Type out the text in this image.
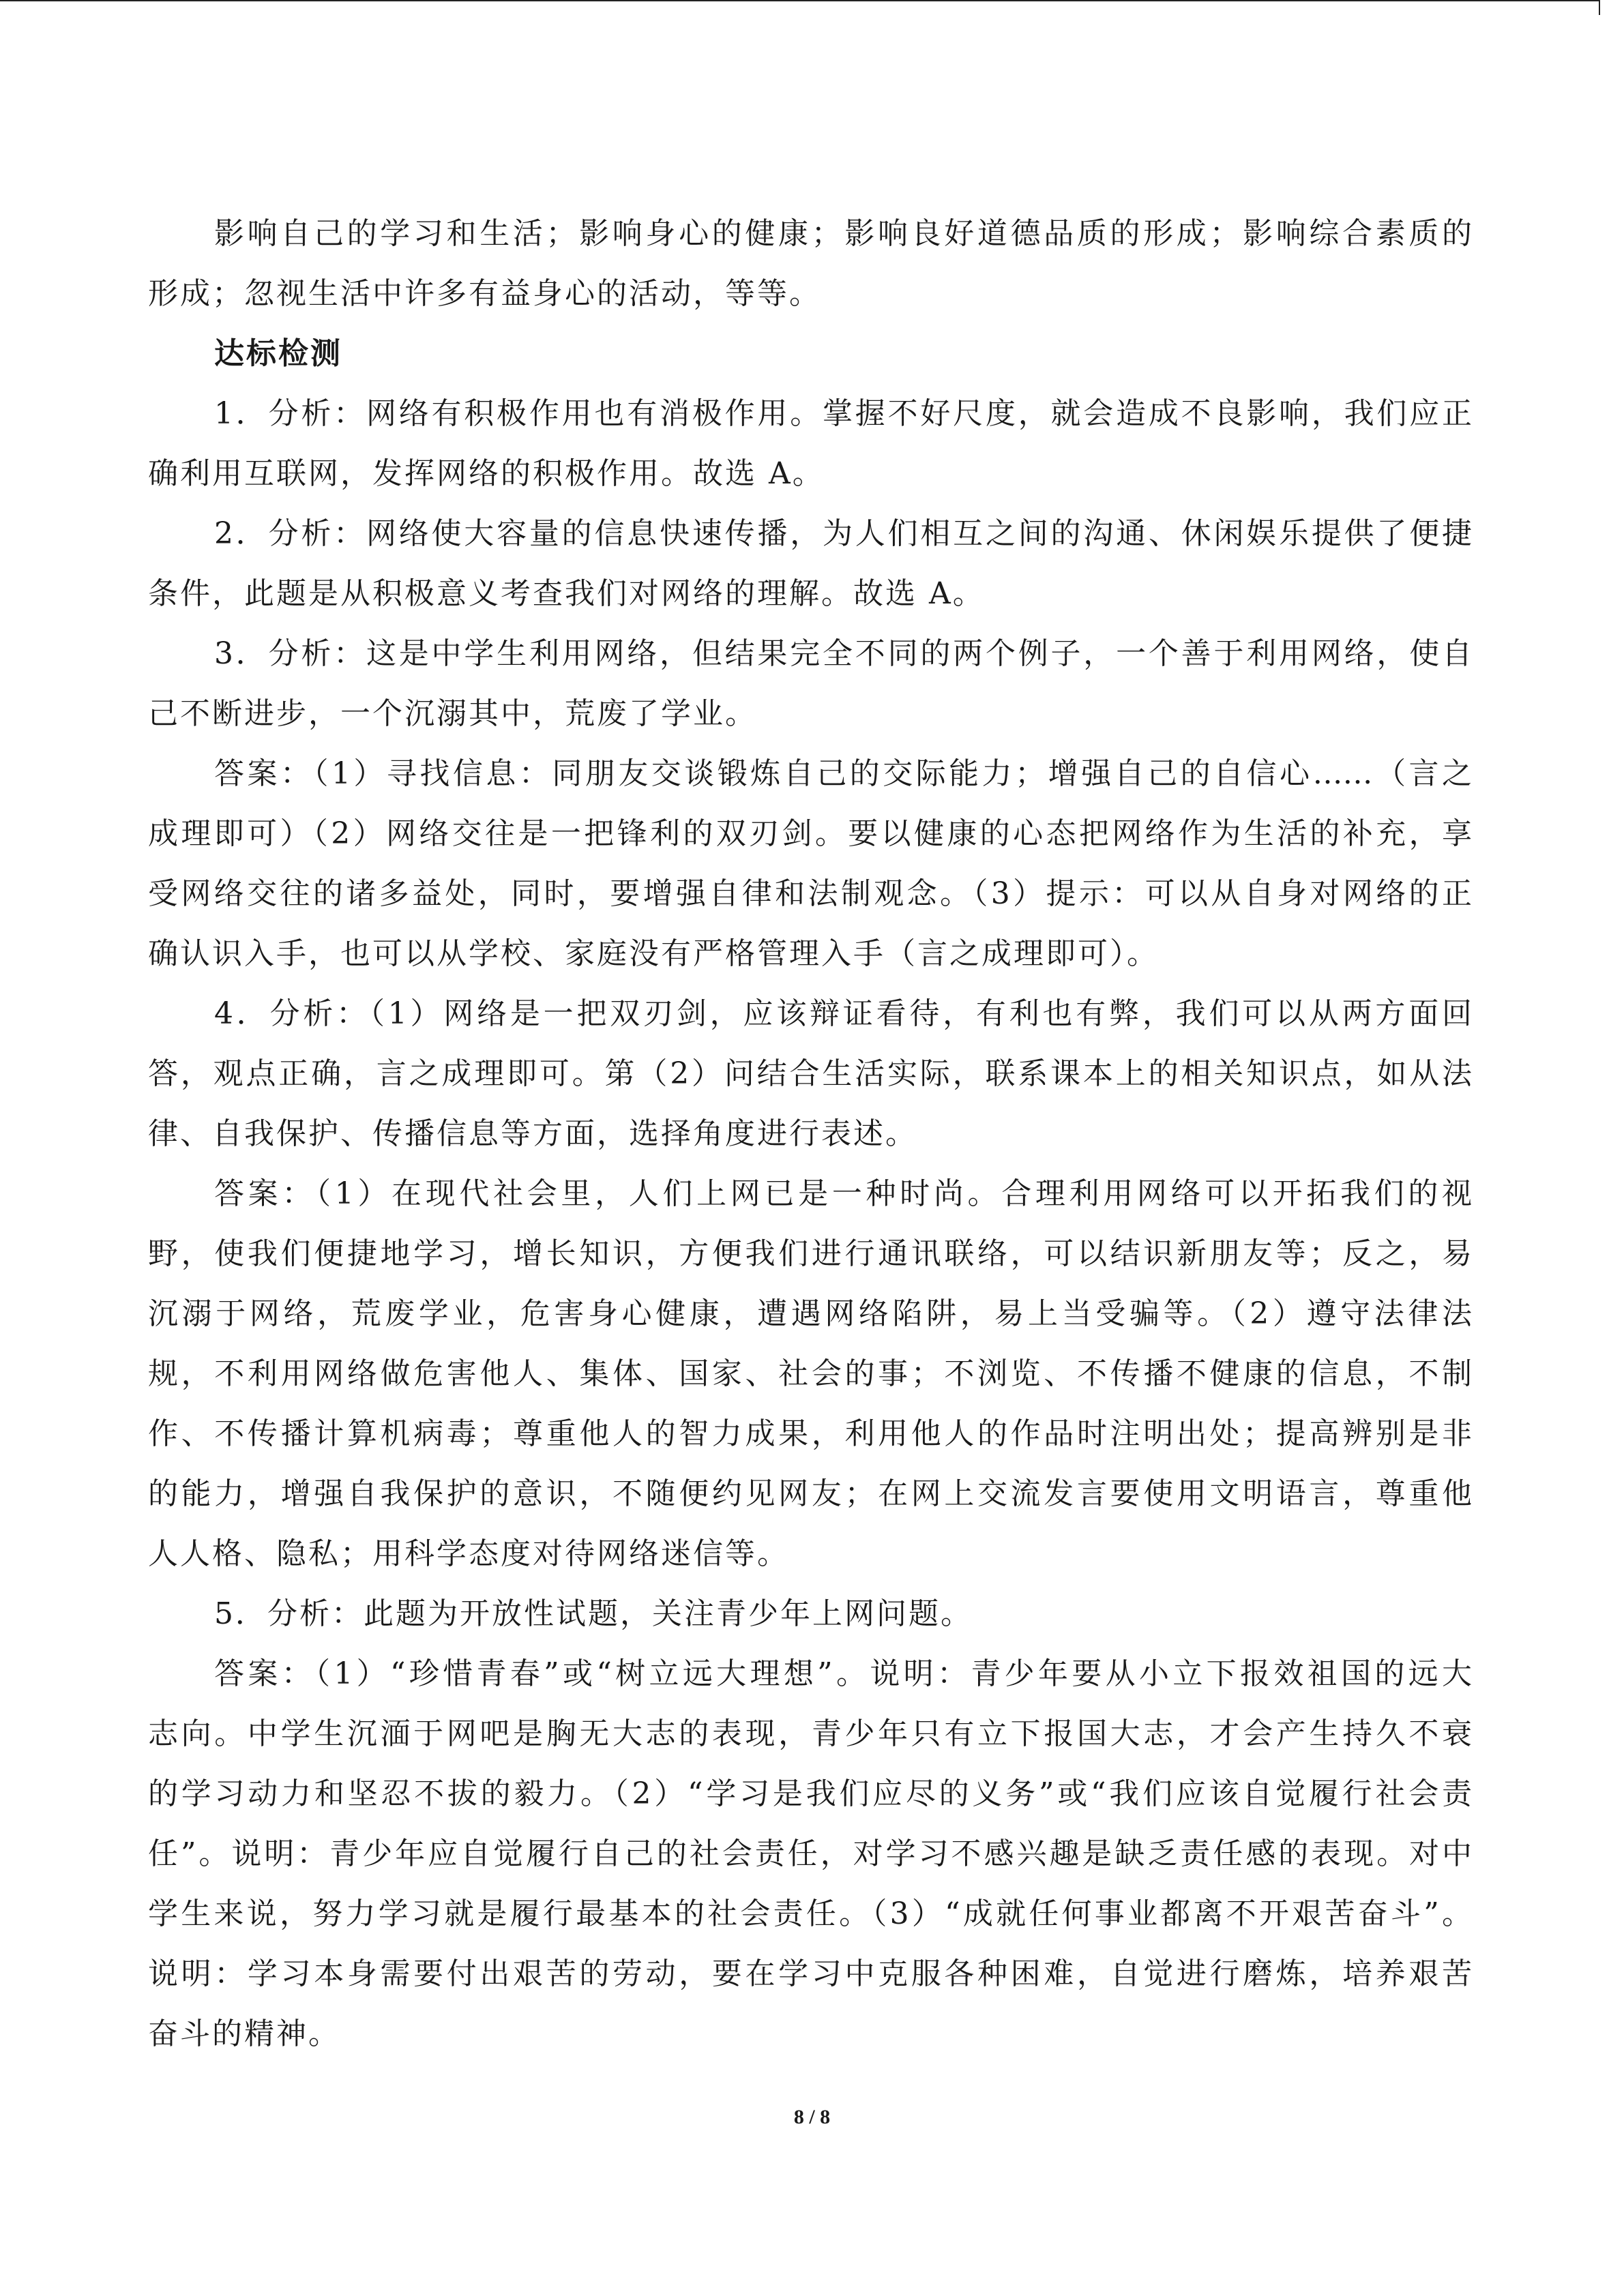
影响自己的学习和生活；影响身心的健康；影响良好道德品质的形成；影响综合素质的
形成；忽视生活中许多有益身心的活动，等等。
达标检测
1．分析：网络有积极作用也有消极作用。掌握不好尺度，就会造成不良影响，我们应正
确利用互联网，发挥网络的积极作用。故选 A。
2．分析：网络使大容量的信息快速传播，为人们相互之间的沟通、休闲娱乐提供了便捷
条件，此题是从积极意义考查我们对网络的理解。故选 A。
3．分析：这是中学生利用网络，但结果完全不同的两个例子，一个善于利用网络，使自
己不断进步，一个沉溺其中，荒废了学业。
答案：（1）寻找信息：同朋友交谈锻炼自己的交际能力；增强自己的自信心……（言之
成理即可）（2）网络交往是一把锋利的双刃剑。要以健康的心态把网络作为生活的补充，享
受网络交往的诸多益处，同时，要增强自律和法制观念。（3）提示：可以从自身对网络的正
确认识入手，也可以从学校、家庭没有严格管理入手（言之成理即可）。
4．分析：（1）网络是一把双刃剑，应该辩证看待，有利也有弊，我们可以从两方面回
答，观点正确，言之成理即可。第（2）问结合生活实际，联系课本上的相关知识点，如从法
律、自我保护、传播信息等方面，选择角度进行表述。
答案：（1）在现代社会里，人们上网已是一种时尚。合理利用网络可以开拓我们的视
野，使我们便捷地学习，增长知识，方便我们进行通讯联络，可以结识新朋友等；反之，易
沉溺于网络，荒废学业，危害身心健康，遭遇网络陷阱，易上当受骗等。（2）遵守法律法
规，不利用网络做危害他人、集体、国家、社会的事；不浏览、不传播不健康的信息，不制
作、不传播计算机病毒；尊重他人的智力成果，利用他人的作品时注明出处；提高辨别是非
的能力，增强自我保护的意识，不随便约见网友；在网上交流发言要使用文明语言，尊重他
人人格、隐私；用科学态度对待网络迷信等。
5．分析：此题为开放性试题，关注青少年上网问题。
答案：（1）“珍惜青春”或“树立远大理想”。说明：青少年要从小立下报效祖国的远大
志向。中学生沉湎于网吧是胸无大志的表现，青少年只有立下报国大志，才会产生持久不衰
的学习动力和坚忍不拔的毅力。（2）“学习是我们应尽的义务”或“我们应该自觉履行社会责
任”。说明：青少年应自觉履行自己的社会责任，对学习不感兴趣是缺乏责任感的表现。对中
学生来说，努力学习就是履行最基本的社会责任。（3）“成就任何事业都离不开艰苦奋斗”。
说明：学习本身需要付出艰苦的劳动，要在学习中克服各种困难，自觉进行磨炼，培养艰苦
奋斗的精神。
8 / 8
